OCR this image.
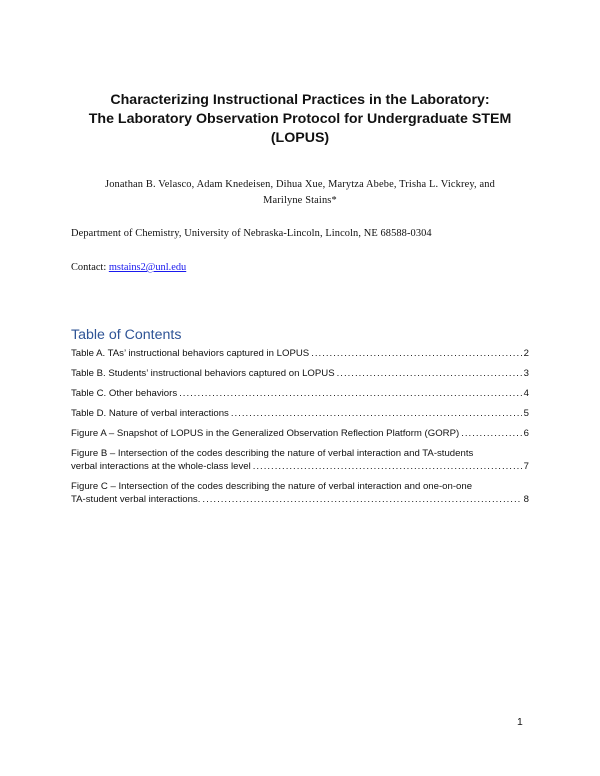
Characterizing Instructional Practices in the Laboratory:
The Laboratory Observation Protocol for Undergraduate STEM
(LOPUS)
Jonathan B. Velasco, Adam Knedeisen, Dihua Xue, Marytza Abebe, Trisha L. Vickrey, and
Marilyne Stains*
Department of Chemistry, University of Nebraska-Lincoln, Lincoln, NE 68588-0304
Contact: mstains2@unl.edu
Table of Contents
Table A. TAs’ instructional behaviors captured in LOPUS .....	2
Table B. Students’ instructional behaviors captured on LOPUS .....	3
Table C. Other behaviors .....	4
Table D. Nature of verbal interactions .....	5
Figure A – Snapshot of LOPUS in the Generalized Observation Reflection Platform (GORP) .....	6
Figure B – Intersection of the codes describing the nature of verbal interaction and TA-students
verbal interactions at the whole-class level .....	7
Figure C – Intersection of the codes describing the nature of verbal interaction and one-on-one
TA-student verbal interactions. .....	8
1
